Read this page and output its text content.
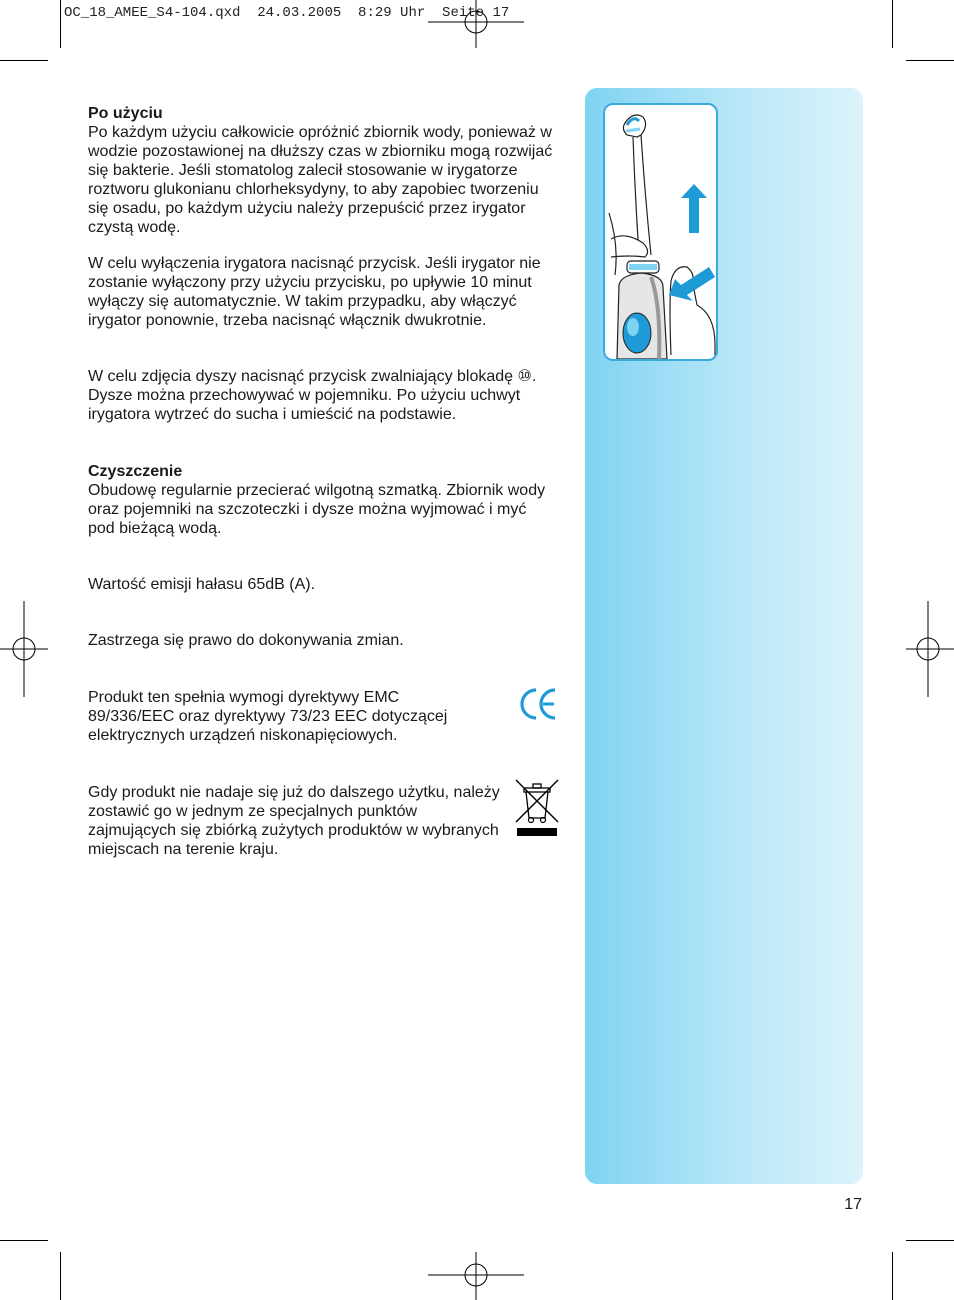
OC_18_AMEE_S4-104.qxd  24.03.2005  8:29 Uhr  Seite 17

Po użyciu

Po każdym użyciu całkowicie opróżnić zbiornik wody, ponieważ w wodzie pozostawionej na dłuższy czas w zbiorniku mogą rozwijać się bakterie. Jeśli stomatolog zalecił stosowanie w irygatorze roztworu glukonianu chlorheksydyny, to aby zapobiec tworzeniu się osadu, po każdym użyciu należy przepuścić przez irygator czystą wodę.

W celu wyłączenia irygatora nacisnąć przycisk. Jeśli irygator nie zostanie wyłączony przy użyciu przycisku, po upływie 10 minut wyłączy się automatycznie. W takim przypadku, aby włączyć irygator ponownie, trzeba nacisnąć włącznik dwukrotnie.

W celu zdjęcia dyszy nacisnąć przycisk zwalniający blokadę ⑩. Dysze można przechowywać w pojemniku. Po użyciu uchwyt irygatora wytrzeć do sucha i umieścić na podstawie.

Czyszczenie

Obudowę regularnie przecierać wilgotną szmatką. Zbiornik wody oraz pojemniki na szczoteczki i dysze można wyjmować i myć pod bieżącą wodą.

Wartość emisji hałasu 65dB (A).
Zastrzega się prawo do dokonywania zmian.
Produkt ten spełnia wymogi dyrektywy EMC 89/336/EEC oraz dyrektywy 73/23 EEC dotyczącej elektrycznych urządzeń niskonapięciowych.
Gdy produkt nie nadaje się już do dalszego użytku, należy zostawić go w jednym ze specjalnych punktów zajmujących się zbiórką zużytych produktów w wybranych miejscach na terenie kraju.
17
